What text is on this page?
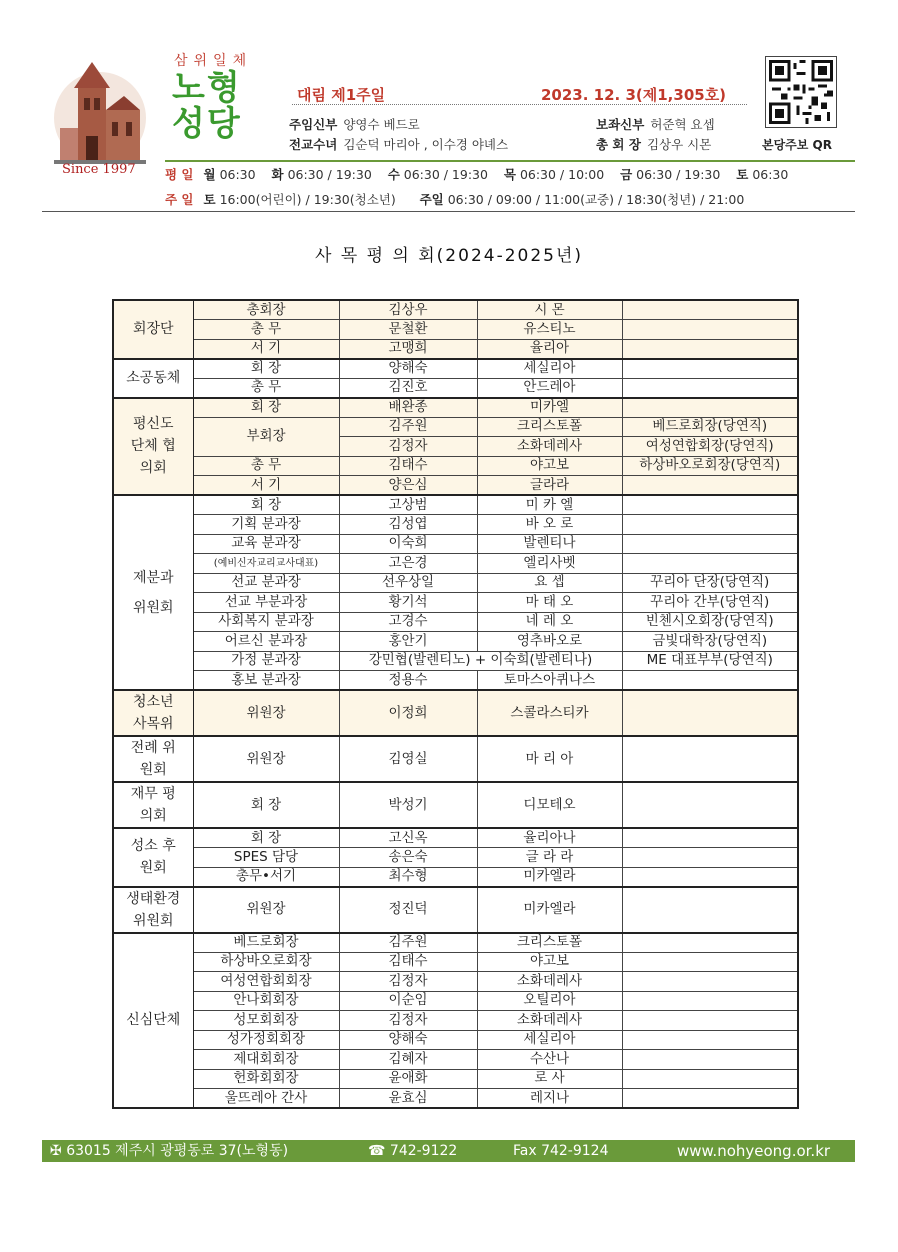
Since 1997
삼위일체
노형성당
대림 제1주일	2023. 12. 3(제1,305호)
주임신부 양영수 베드로
전교수녀 김순덕 마리아 , 이수경 야녜스
보좌신부 허준혁 요셉
총 회 장 김상우 시몬	본당주보 QR
평 일 월 06:30 화 06:30 / 19:30 수 06:30 / 19:30 목 06:30 / 10:00 금 06:30 / 19:30 토 06:30
주 일 토 16:00(어린이) / 19:30(청소년) 주일 06:30 / 09:00 / 11:00(교중) / 18:30(청년) / 21:00
사 목 평 의 회(2024-2025년)
회장단	총회장	김상우	시 몬	
	총 무	문철환	유스티노	
	서 기	고맹희	율리아	
소공동체	회 장	양해숙	세실리아	
	총 무	김진호	안드레아	
평신도 단체 협의회	회 장	배완종	미카엘	
	부회장	김주원	크리스토폴	베드로회장(당연직)
		김정자	소화데레사	여성연합회장(당연직)
	총 무	김태수	야고보	하상바오로회장(당연직)
	서 기	양은심	글라라	
제분과 위원회	회 장	고상범	미 카 엘	
	기획 분과장	김성엽	바 오 로	
	교육 분과장	이숙희	발렌티나	
	(예비신자교리교사대표)	고은경	엘리사벳	
	선교 분과장	선우상일	요 셉	꾸리아 단장(당연직)
	선교 부분과장	황기석	마 태 오	꾸리아 간부(당연직)
	사회복지 분과장	고경수	네 레 오	빈첸시오회장(당연직)
	어르신 분과장	홍안기	영추바오로	금빛대학장(당연직)
	가정 분과장	강민협(발렌티노) + 이숙희(발렌티나)		ME 대표부부(당연직)
	홍보 분과장	정용수	토마스아퀴나스	
청소년 사목위	위원장	이정희	스콜라스티카	
전례 위원회	위원장	김영실	마 리 아	
재무 평의회	회 장	박성기	디모테오	
성소 후원회	회 장	고신옥	율리아나	
	SPES 담당	송은숙	글 라 라	
	총무•서기	최수형	미카엘라	
생태환경 위원회	위원장	정진덕	미카엘라	
신심단체	베드로회장	김주원	크리스토폴	
	하상바오로회장	김태수	야고보	
	여성연합회회장	김정자	소화데레사	
	안나회회장	이순임	오틸리아	
	성모회회장	김정자	소화데레사	
	성가정회회장	양해숙	세실리아	
	제대회회장	김혜자	수산나	
	헌화회회장	윤애화	로 사	
	울뜨레아 간사	윤효심	레지나	
✠ 63015 제주시 광평동로 37(노형동)	☎ 742-9122	Fax 742-9124	www.nohyeong.or.kr
